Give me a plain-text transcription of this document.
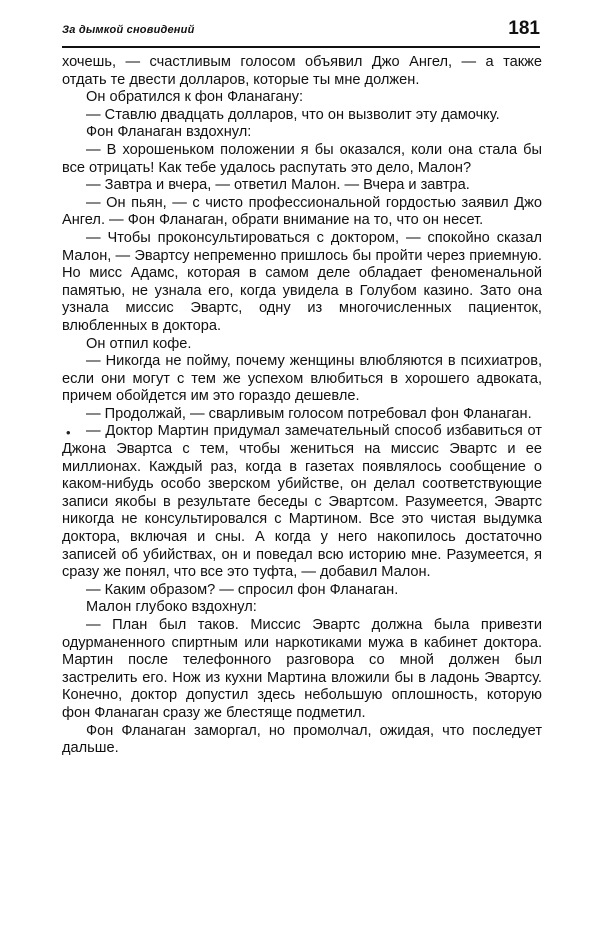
За дымкой сновидений	181
•

хочешь, — счастливым голосом объявил Джо Ангел, — а также отдать те двести долларов, которые ты мне должен.

Он обратился к фон Фланагану:

— Ставлю двадцать долларов, что он вызволит эту дамочку.

Фон Фланаган вздохнул:

— В хорошеньком положении я бы оказался, коли она стала бы все отрицать! Как тебе удалось распутать это дело, Малон?

— Завтра и вчера, — ответил Малон. — Вчера и завтра.

— Он пьян, — с чисто профессиональной гордостью заявил Джо Ангел. — Фон Фланаган, обрати внимание на то, что он несет.

— Чтобы проконсультироваться с доктором, — спокойно сказал Малон, — Эвартсу непременно пришлось бы пройти через приемную. Но мисс Адамс, которая в самом деле обладает феноменальной памятью, не узнала его, когда увидела в Голубом казино. Зато она узнала миссис Эвартс, одну из многочисленных пациенток, влюбленных в доктора.

Он отпил кофе.

— Никогда не пойму, почему женщины влюбляются в психиатров, если они могут с тем же успехом влюбиться в хорошего адвоката, причем обойдется им это гораздо дешевле.

— Продолжай, — сварливым голосом потребовал фон Фланаган.

— Доктор Мартин придумал замечательный способ избавиться от Джона Эвартса с тем, чтобы жениться на миссис Эвартс и ее миллионах. Каждый раз, когда в газетах появлялось сообщение о каком-нибудь особо зверском убийстве, он делал соответствующие записи якобы в результате беседы с Эвартсом. Разумеется, Эвартс никогда не консультировался с Мартином. Все это чистая выдумка доктора, включая и сны. А когда у него накопилось достаточно записей об убийствах, он и поведал всю историю мне. Разумеется, я сразу же понял, что все это туфта, — добавил Малон.

— Каким образом? — спросил фон Фланаган.

Малон глубоко вздохнул:

— План был таков. Миссис Эвартс должна была привезти одурманенного спиртным или наркотиками мужа в кабинет доктора. Мартин после телефонного разговора со мной должен был застрелить его. Нож из кухни Мартина вложили бы в ладонь Эвартсу. Конечно, доктор допустил здесь небольшую оплошность, которую фон Фланаган сразу же блестяще подметил.

Фон Фланаган заморгал, но промолчал, ожидая, что последует дальше.
